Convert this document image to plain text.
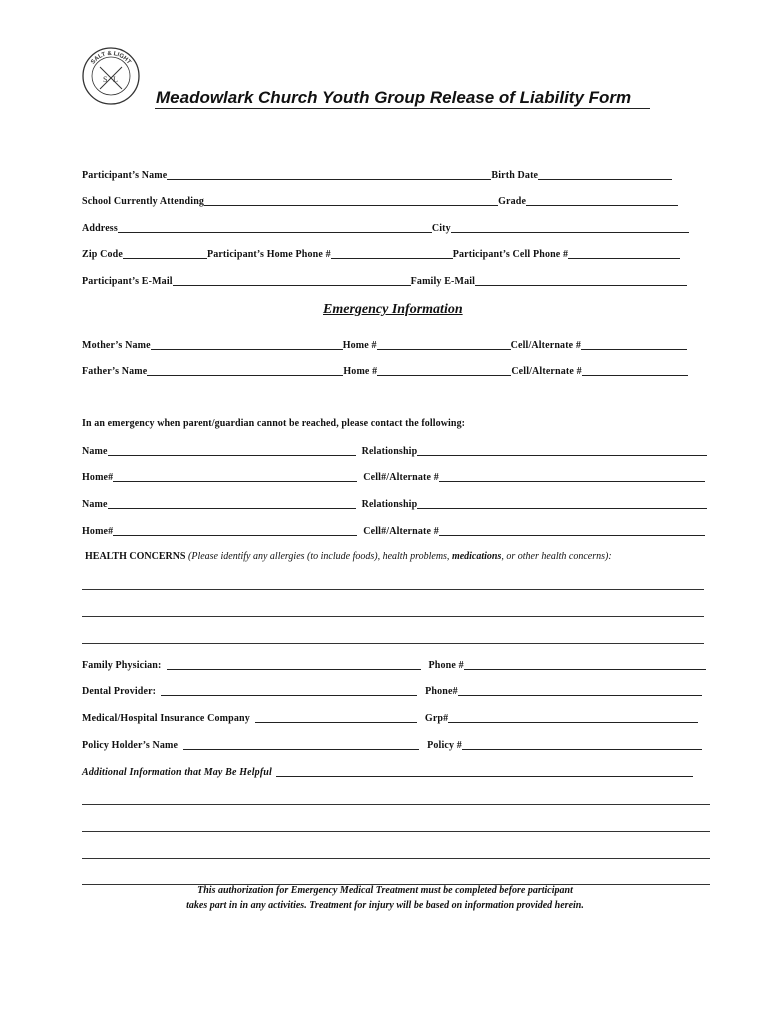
SALT & LIGHT
S L
Meadowlark Church Youth Group Release of Liability Form
Participant’s Name	Birth Date
School Currently Attending	Grade
Address	City
Zip Code	Participant’s Home Phone #	Participant’s Cell Phone #
Participant’s E-Mail	Family E-Mail
Emergency Information
Mother’s Name	Home #	Cell/Alternate #
Father’s Name	Home #	Cell/Alternate #
In an emergency when parent/guardian cannot be reached, please contact the following:
Name	Relationship
Home#	Cell#/Alternate #
Name	Relationship
Home#	Cell#/Alternate #
HEALTH CONCERNS (Please identify any allergies (to include foods), health problems, medications, or other health concerns):
Family Physician:	Phone #
Dental Provider:	Phone#
Medical/Hospital Insurance Company	Grp#
Policy Holder’s Name	Policy #
Additional Information that May Be Helpful
This authorization for Emergency Medical Treatment must be completed before participant
takes part in in any activities. Treatment for injury will be based on information provided herein.
